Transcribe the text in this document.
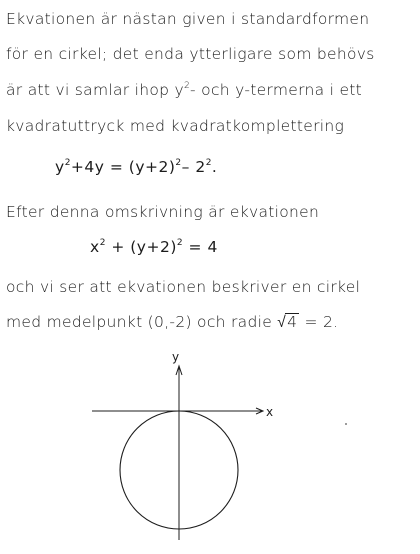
Ekvationen är nästan given i standardformen
för en cirkel; det enda ytterligare som behövs
är att vi samlar ihop $y^2-$ och y-termerna i ett
kvadratuttryck med kvadratkomplettering
$y^2+4y = (y+2)^2-$ $2^2$.
Efter denna omskrivning är ekvationen
$x^2 + (y+2)^2 = 4$
och vi ser att ekvationen beskriver en cirkel
med medelpunkt (0,-2) och radie √4 = 2.
x
y
